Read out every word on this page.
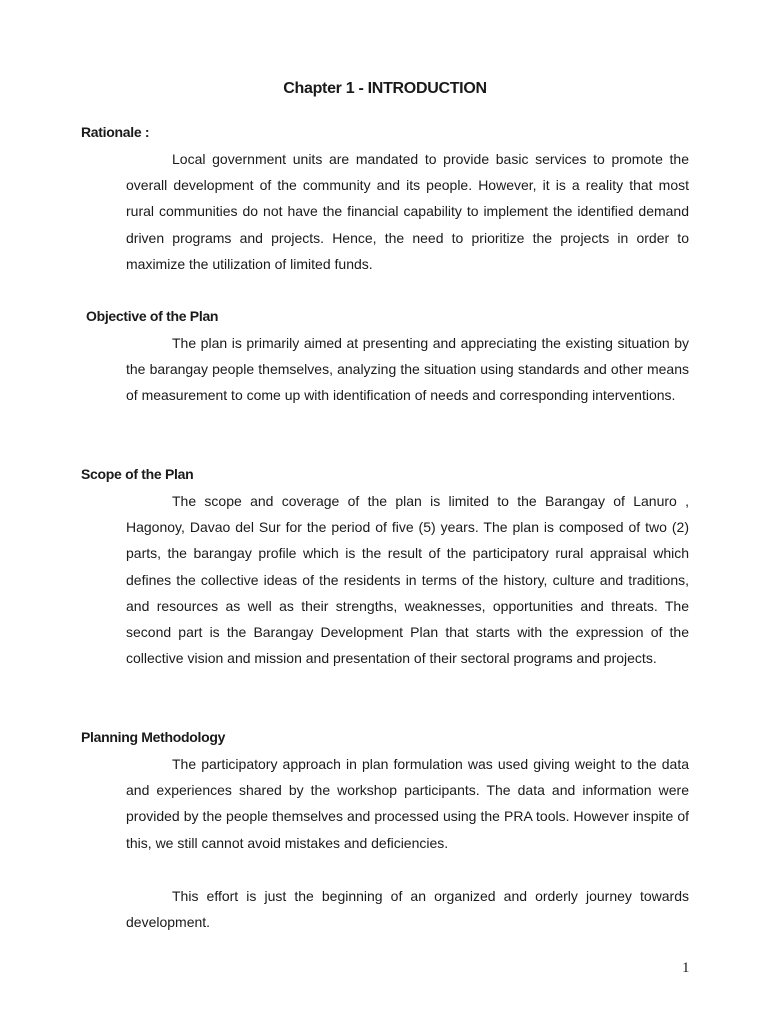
Chapter 1 - INTRODUCTION
Rationale :
Local government units are mandated to provide basic services to promote the overall development of the community and its people. However, it is a reality that most rural communities do not have the financial capability to implement the identified demand driven programs and projects. Hence, the need to prioritize the projects in order to maximize the utilization of limited funds.
Objective of the Plan
The plan is primarily aimed at presenting and appreciating the existing situation by the barangay people themselves, analyzing the situation using standards and other means of measurement to come up with identification of needs and corresponding interventions.
Scope of the Plan
The scope and coverage of the plan is limited to the Barangay of Lanuro , Hagonoy, Davao del Sur for the period of five (5) years. The plan is composed of two (2) parts, the barangay profile which is the result of the participatory rural appraisal which defines the collective ideas of the residents in terms of the history, culture and traditions, and resources as well as their strengths, weaknesses, opportunities and threats. The second part is the Barangay Development Plan that starts with the expression of the collective vision and mission and presentation of their sectoral programs and projects.
Planning Methodology
The participatory approach in plan formulation was used giving weight to the data and experiences shared by the workshop participants. The data and information were provided by the people themselves and processed using the PRA tools. However inspite of this, we still cannot avoid mistakes and deficiencies.
This effort is just the beginning of an organized and orderly journey towards development.
1
